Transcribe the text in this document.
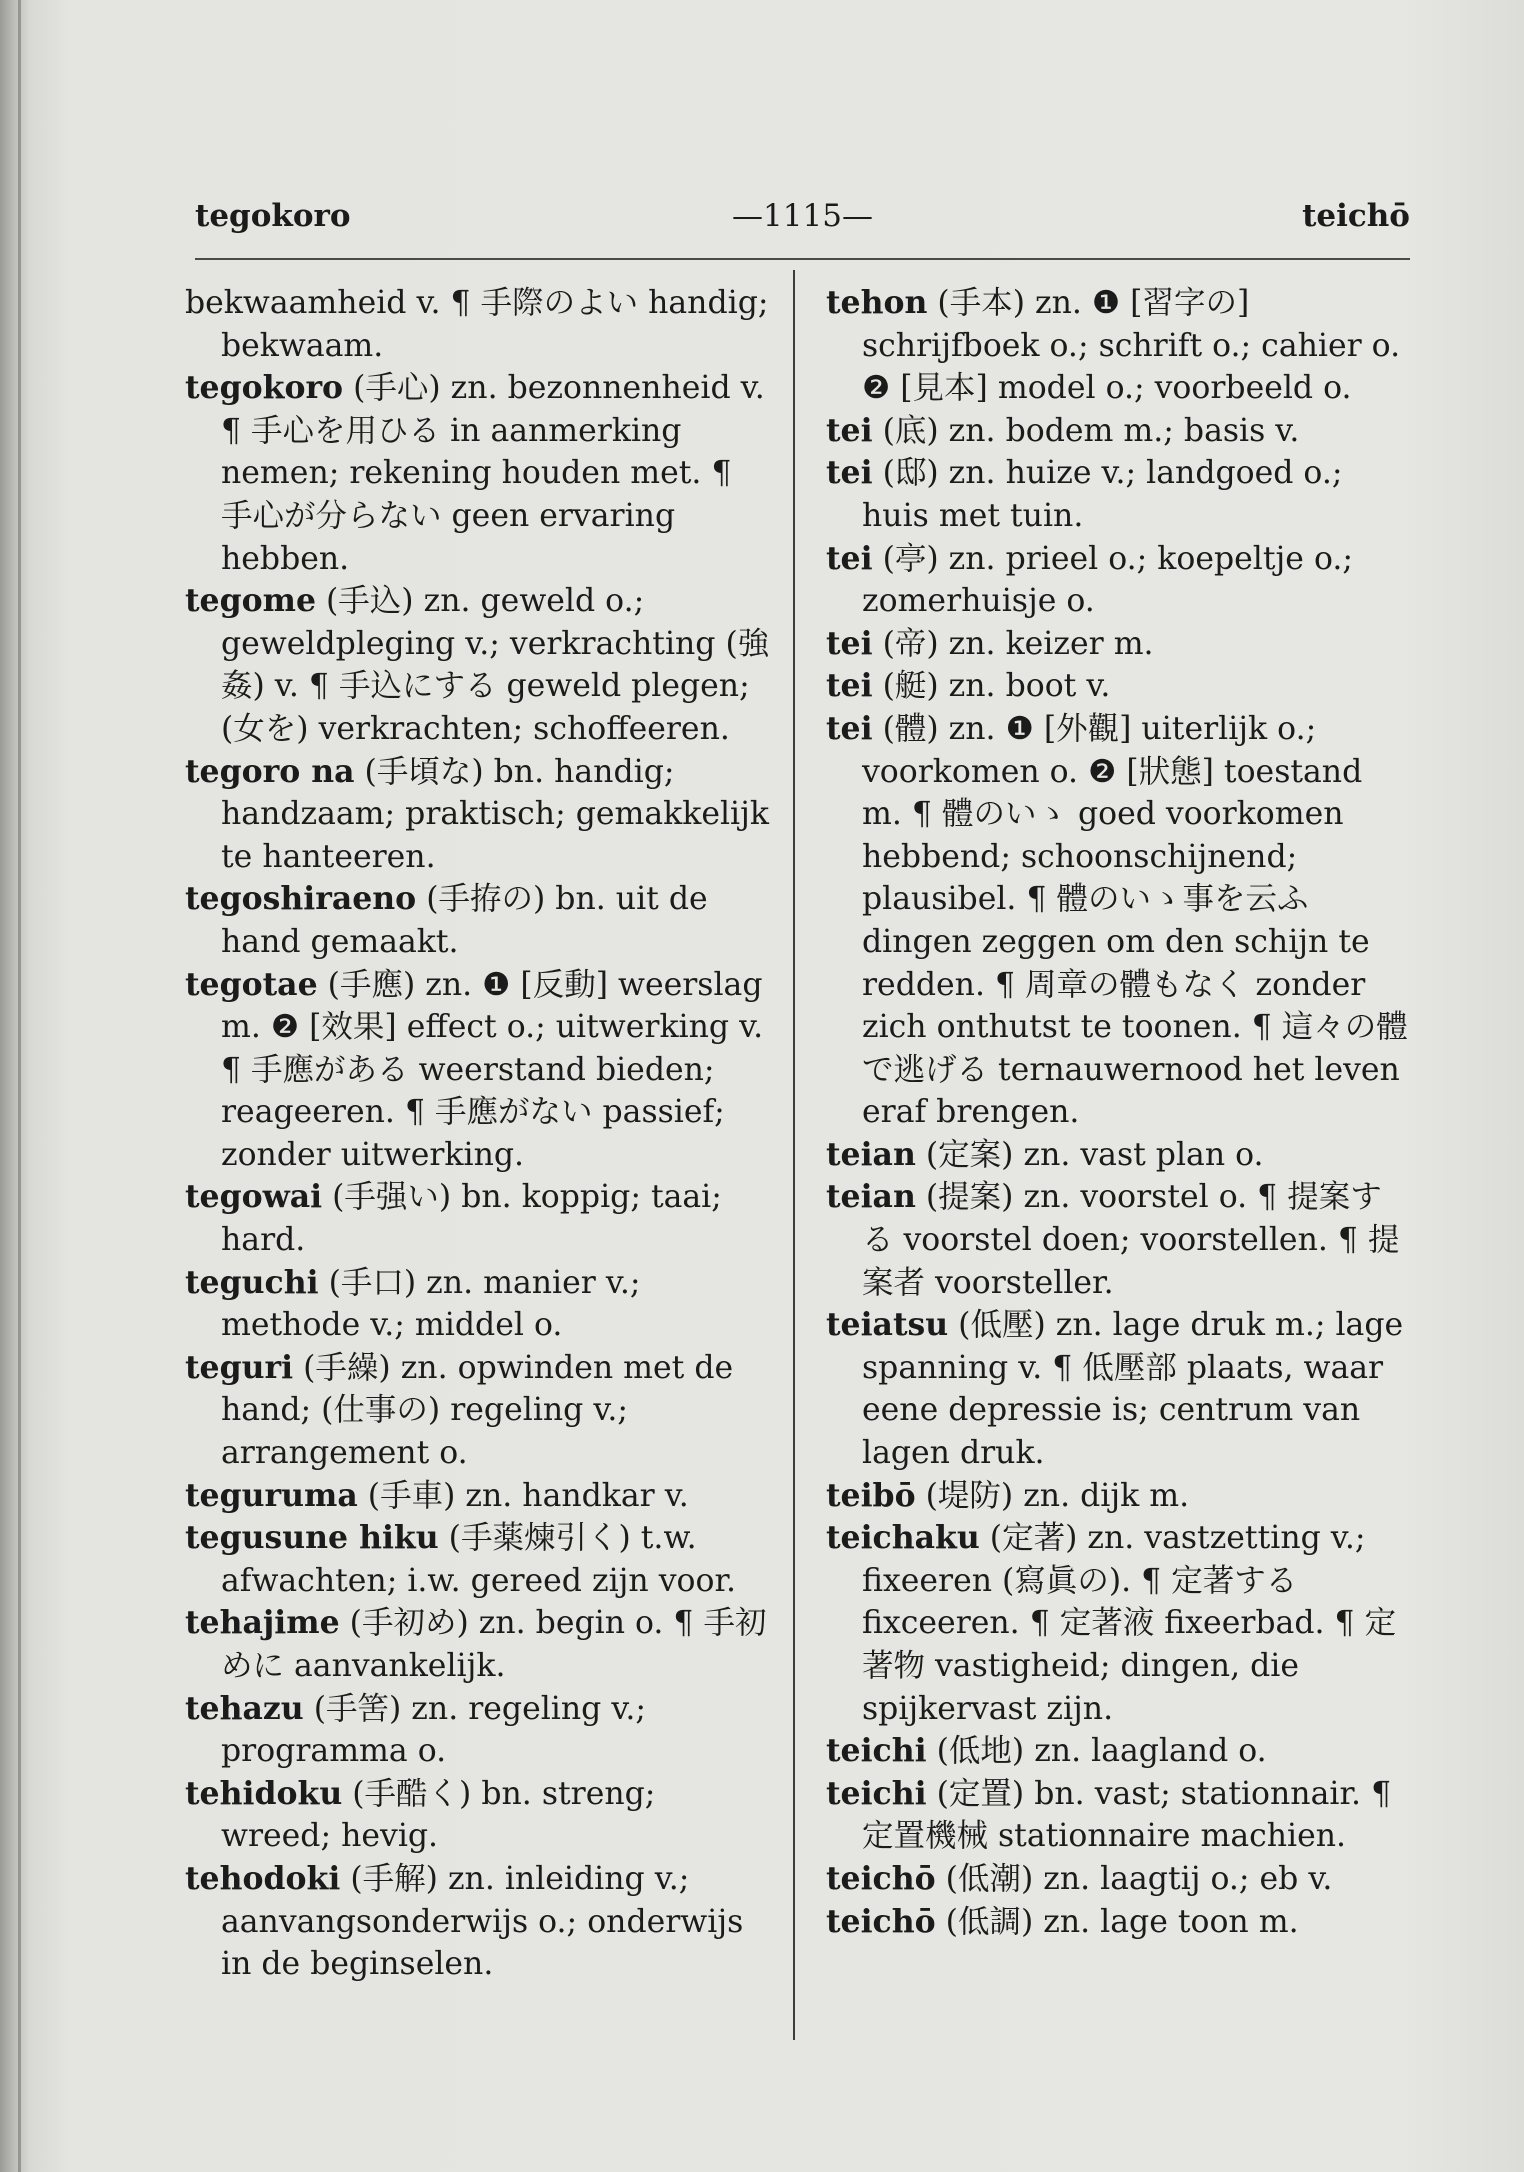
tegokoro	—1115—	teichō
bekwaamheid v. ¶ 手際のよい handig; bekwaam.
tegokoro (手心) zn. bezonnenheid v. ¶ 手心を用ひる in aanmerking nemen; rekening houden met. ¶ 手心が分らない geen ervaring hebben.
tegome (手込) zn. geweld o.; geweldpleging v.; verkrachting (強姦) v. ¶ 手込にする geweld plegen; (女を) verkrachten; schoffeeren.
tegoro na (手頃な) bn. handig; handzaam; praktisch; gemakkelijk te hanteeren.
tegoshiraeno (手拵の) bn. uit de hand gemaakt.
tegotae (手應) zn. ❶ [反動] weerslag m. ❷ [效果] effect o.; uitwerking v. ¶ 手應がある weerstand bieden; reageeren. ¶ 手應がない passief; zonder uitwerking.
tegowai (手强い) bn. koppig; taai; hard.
teguchi (手口) zn. manier v.; methode v.; middel o.
teguri (手繰) zn. opwinden met de hand; (仕事の) regeling v.; arrangement o.
teguruma (手車) zn. handkar v.
tegusune hiku (手薬煉引く) t.w. afwachten; i.w. gereed zijn voor.
tehajime (手初め) zn. begin o. ¶ 手初めに aanvankelijk.
tehazu (手筈) zn. regeling v.; programma o.
tehidoku (手酷く) bn. streng; wreed; hevig.
tehodoki (手解) zn. inleiding v.; aanvangsonderwijs o.; onderwijs in de beginselen.
tehon (手本) zn. ❶ [習字の] schrijfboek o.; schrift o.; cahier o. ❷ [見本] model o.; voorbeeld o.
tei (底) zn. bodem m.; basis v.
tei (邸) zn. huize v.; landgoed o.; huis met tuin.
tei (亭) zn. prieel o.; koepeltje o.; zomerhuisje o.
tei (帝) zn. keizer m.
tei (艇) zn. boot v.
tei (體) zn. ❶ [外觀] uiterlijk o.; voorkomen o. ❷ [狀態] toestand m. ¶ 體のいゝ goed voorkomen hebbend; schoonschijnend; plausibel. ¶ 體のいゝ事を云ふ dingen zeggen om den schijn te redden. ¶ 周章の體もなく zonder zich onthutst te toonen. ¶ 這々の體で逃げる ternauwernood het leven eraf brengen.
teian (定案) zn. vast plan o.
teian (提案) zn. voorstel o. ¶ 提案する voorstel doen; voorstellen. ¶ 提案者 voorsteller.
teiatsu (低壓) zn. lage druk m.; lage spanning v. ¶ 低壓部 plaats, waar eene depressie is; centrum van lagen druk.
teibō (堤防) zn. dijk m.
teichaku (定著) zn. vastzetting v.; fixeeren (寫眞の). ¶ 定著する fixceeren. ¶ 定著液 fixeerbad. ¶ 定著物 vastigheid; dingen, die spijkervast zijn.
teichi (低地) zn. laagland o.
teichi (定置) bn. vast; stationnair. ¶ 定置機械 stationnaire machien.
teichō (低潮) zn. laagtij o.; eb v.
teichō (低調) zn. lage toon m.
